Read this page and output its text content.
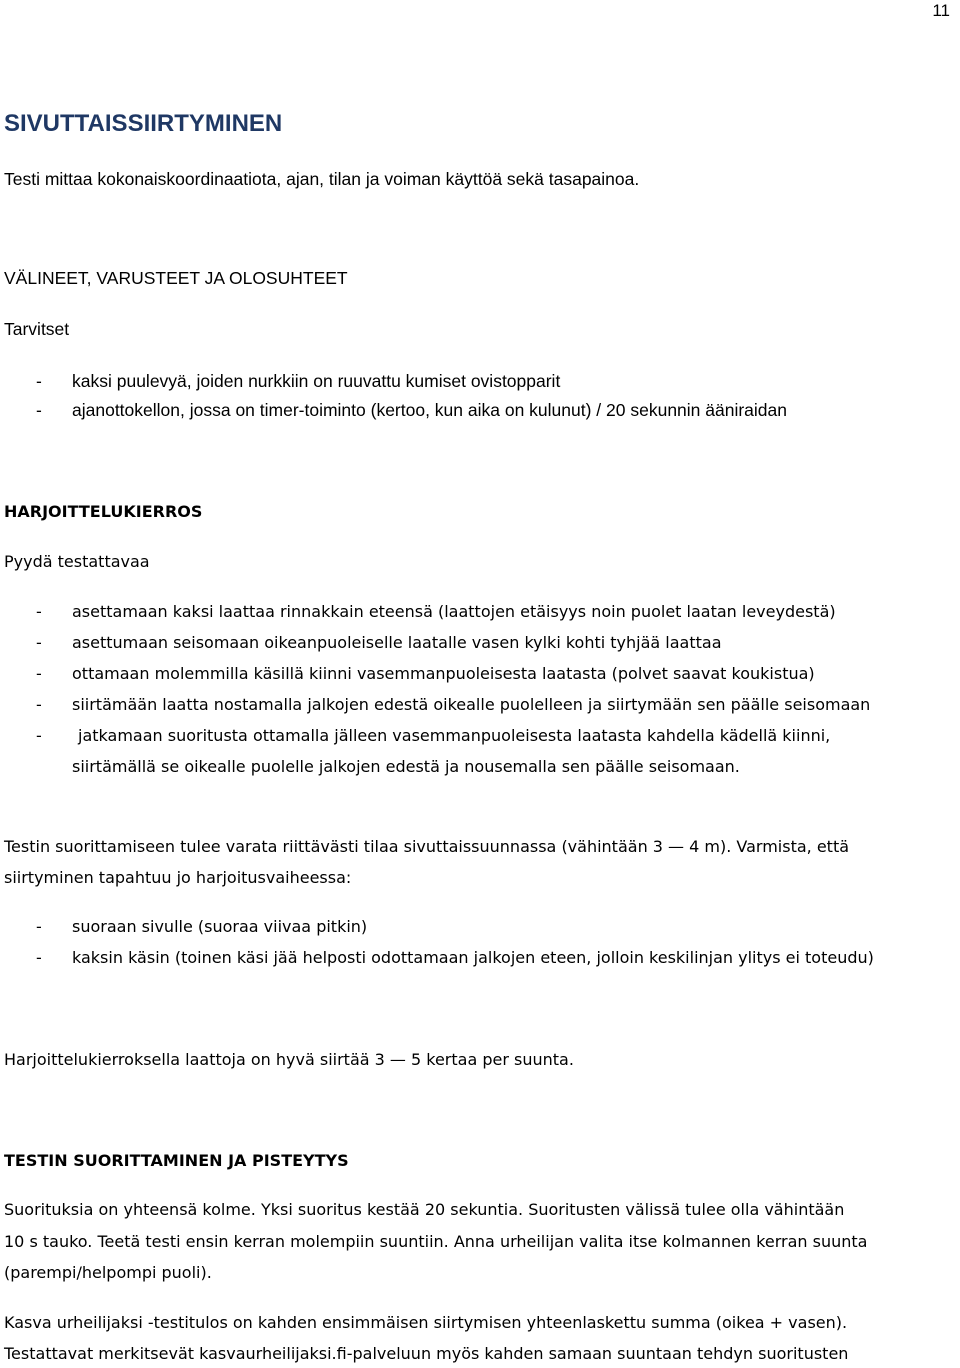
11
SIVUTTAISSIIRTYMINEN
Testi mittaa kokonaiskoordinaatiota, ajan, tilan ja voiman käyttöä sekä tasapainoa.
VÄLINEET, VARUSTEET JA OLOSUHTEET
Tarvitset
- kaksi puulevyä, joiden nurkkiin on ruuvattu kumiset ovistopparit
- ajanottokellon, jossa on timer-toiminto (kertoo, kun aika on kulunut) / 20 sekunnin ääniraidan
HARJOITTELUKIERROS
Pyydä testattavaa
- asettamaan kaksi laattaa rinnakkain eteensä (laattojen etäisyys noin puolet laatan leveydestä)
- asettumaan seisomaan oikeanpuoleiselle laatalle vasen kylki kohti tyhjää laattaa
- ottamaan molemmilla käsillä kiinni vasemmanpuoleisesta laatasta (polvet saavat koukistua)
- siirtämään laatta nostamalla jalkojen edestä oikealle puolelleen ja siirtymään sen päälle seisomaan
- jatkamaan suoritusta ottamalla jälleen vasemmanpuoleisesta laatasta kahdella kädellä kiinni,
siirtämällä se oikealle puolelle jalkojen edestä ja nousemalla sen päälle seisomaan.
Testin suorittamiseen tulee varata riittävästi tilaa sivuttaissuunnassa (vähintään 3 — 4 m). Varmista, että
siirtyminen tapahtuu jo harjoitusvaiheessa:
- suoraan sivulle (suoraa viivaa pitkin)
- kaksin käsin (toinen käsi jää helposti odottamaan jalkojen eteen, jolloin keskilinjan ylitys ei toteudu)
Harjoittelukierroksella laattoja on hyvä siirtää 3 — 5 kertaa per suunta.
TESTIN SUORITTAMINEN JA PISTEYTYS
Suorituksia on yhteensä kolme. Yksi suoritus kestää 20 sekuntia. Suoritusten välissä tulee olla vähintään
10 s tauko. Teetä testi ensin kerran molempiin suuntiin. Anna urheilijan valita itse kolmannen kerran suunta
(parempi/helpompi puoli).
Kasva urheilijaksi -testitulos on kahden ensimmäisen siirtymisen yhteenlaskettu summa (oikea + vasen).
Testattavat merkitsevät kasvaurheilijaksi.fi-palveluun myös kahden samaan suuntaan tehdyn suoritusten
